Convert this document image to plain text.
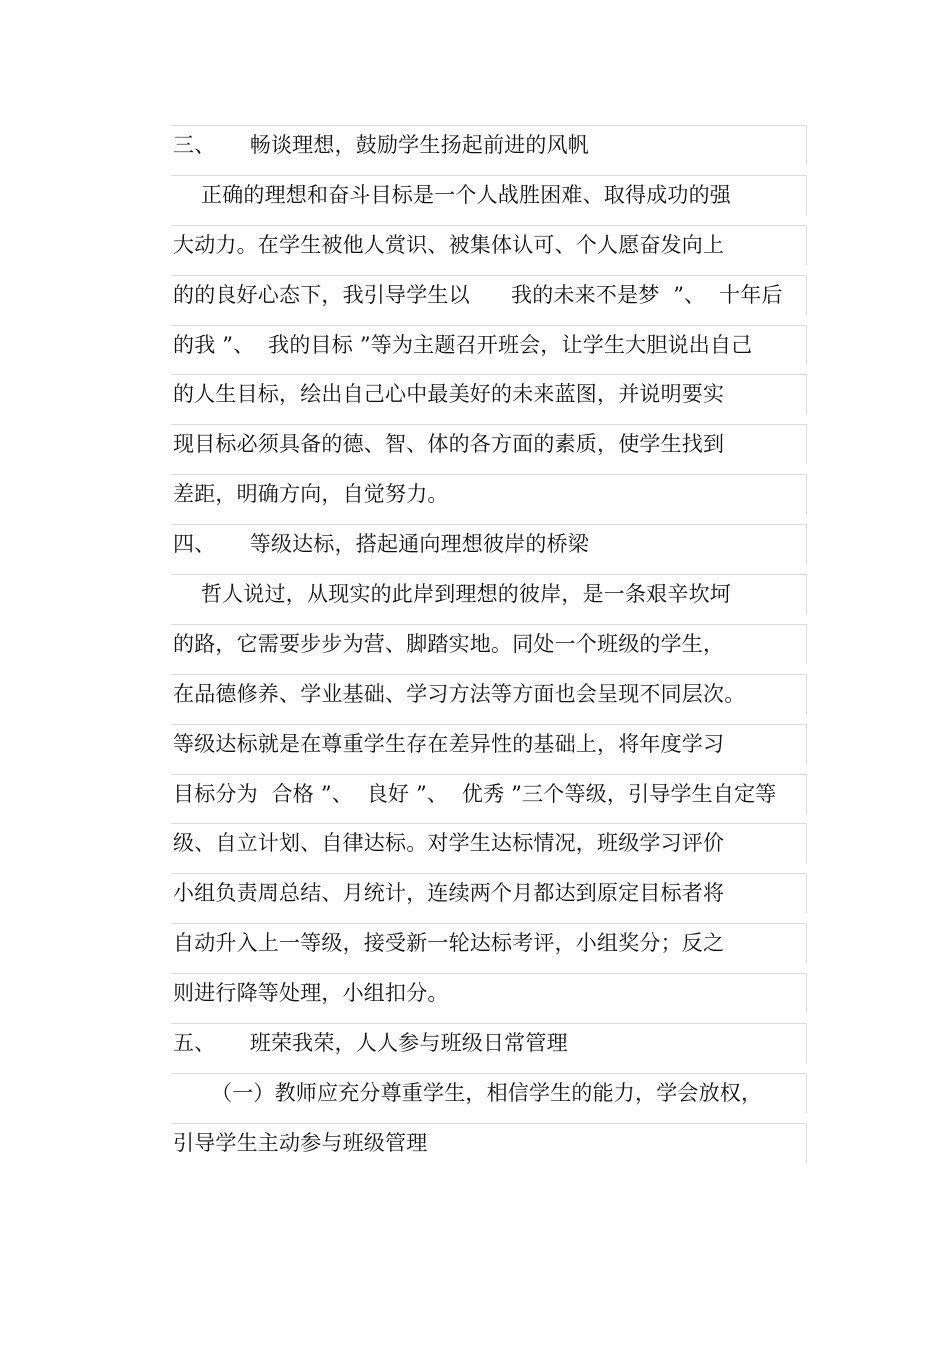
三、     畅谈理想，鼓励学生扬起前进的风帆
正确的理想和奋斗目标是一个人战胜困难、取得成功的强
大动力。在学生被他人赏识、被集体认可、个人愿奋发向上
的的良好心态下，我引导学生以      我的未来不是梦  ”、  十年后
的我 ”、  我的目标 ”等为主题召开班会，让学生大胆说出自己
的人生目标，绘出自己心中最美好的未来蓝图，并说明要实
现目标必须具备的德、智、体的各方面的素质，使学生找到
差距，明确方向，自觉努力。
四、     等级达标，搭起通向理想彼岸的桥梁
哲人说过，从现实的此岸到理想的彼岸，是一条艰辛坎坷
的路，它需要步步为营、脚踏实地。同处一个班级的学生，
在品德修养、学业基础、学习方法等方面也会呈现不同层次。
等级达标就是在尊重学生存在差异性的基础上，将年度学习
目标分为  合格 ”、  良好 ”、  优秀 ”三个等级，引导学生自定等
级、自立计划、自律达标。对学生达标情况，班级学习评价
小组负责周总结、月统计，连续两个月都达到原定目标者将
自动升入上一等级，接受新一轮达标考评，小组奖分；反之
则进行降等处理，小组扣分。
五、     班荣我荣，人人参与班级日常管理
（一）教师应充分尊重学生，相信学生的能力，学会放权，
引导学生主动参与班级管理
